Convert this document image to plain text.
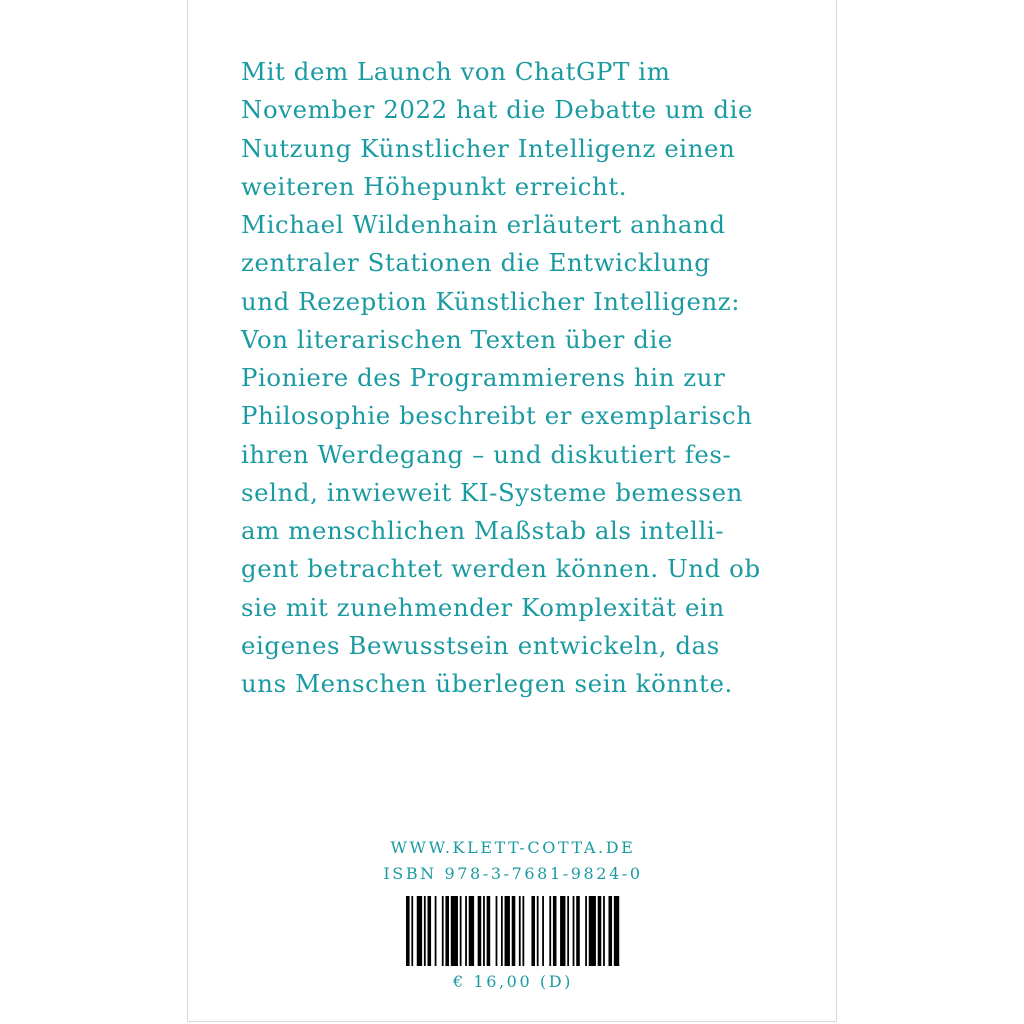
Mit dem Launch von ChatGPT im
November 2022 hat die Debatte um die
Nutzung Künstlicher Intelligenz einen
weiteren Höhepunkt erreicht.
Michael Wildenhain erläutert anhand
zentraler Stationen die Entwicklung
und Rezeption Künstlicher Intelligenz:
Von literarischen Texten über die
Pioniere des Programmierens hin zur
Philosophie beschreibt er exemplarisch
ihren Werdegang – und diskutiert fes-
selnd, inwieweit KI-Systeme bemessen
am menschlichen Maßstab als intelli-
gent betrachtet werden können. Und ob
sie mit zunehmender Komplexität ein
eigenes Bewusstsein entwickeln, das
uns Menschen überlegen sein könnte.

WWW.KLETT-COTTA.DE
ISBN 978-3-7681-9824-0
€ 16,00 (D)
